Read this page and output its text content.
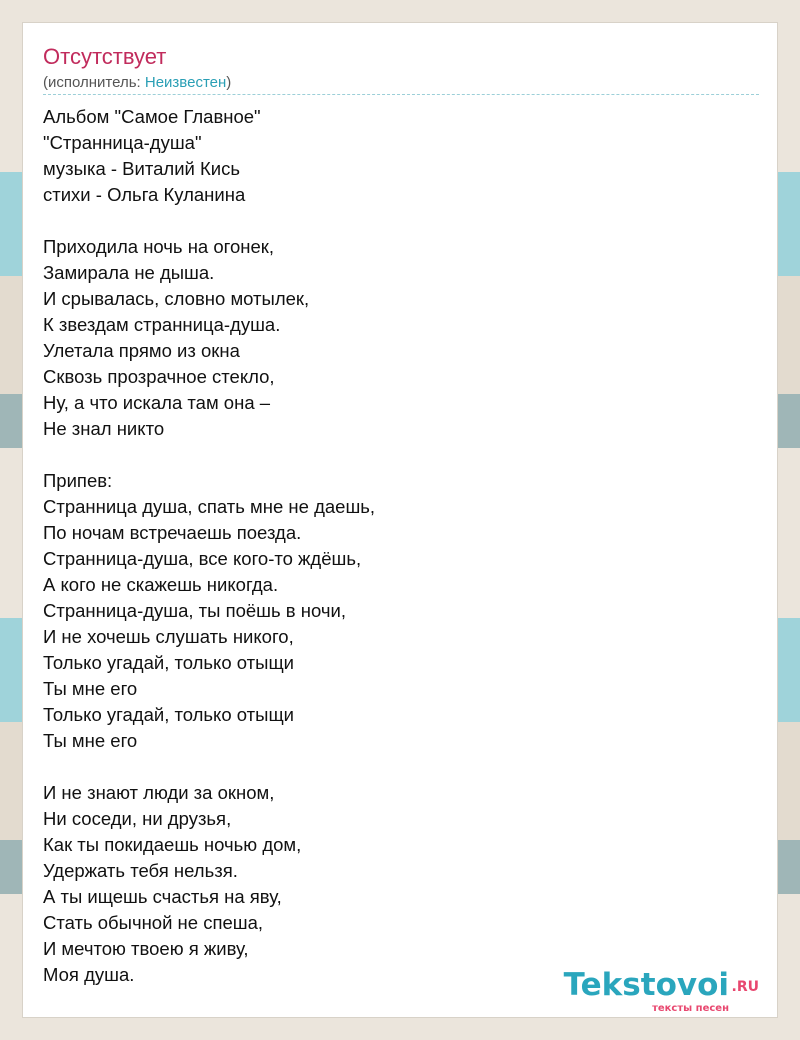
Отсутствует
(исполнитель: Неизвестен)
Альбом "Самое Главное"
"Странница-душа"
музыка - Виталий Кись
стихи - Ольга Куланина
Приходила ночь на огонек,
Замирала не дыша.
И срывалась, словно мотылек,
К звездам странница-душа.
Улетала прямо из окна
Сквозь прозрачное стекло,
Ну, а что искала там она –
Не знал никто
Припев:
Странница душа, спать мне не даешь,
По ночам встречаешь поезда.
Странница-душа, все кого-то ждёшь,
А кого не скажешь никогда.
Странница-душа, ты поёшь в ночи,
И не хочешь слушать никого,
Только угадай, только отыщи
Ты мне его
Только угадай, только отыщи
Ты мне его
И не знают люди за окном,
Ни соседи, ни друзья,
Как ты покидаешь ночью дом,
Удержать тебя нельзя.
А ты ищешь счастья на яву,
Стать обычной не спеша,
И мечтою твоею я живу,
Моя душа.	Tekstovoi .RU
тексты песен
